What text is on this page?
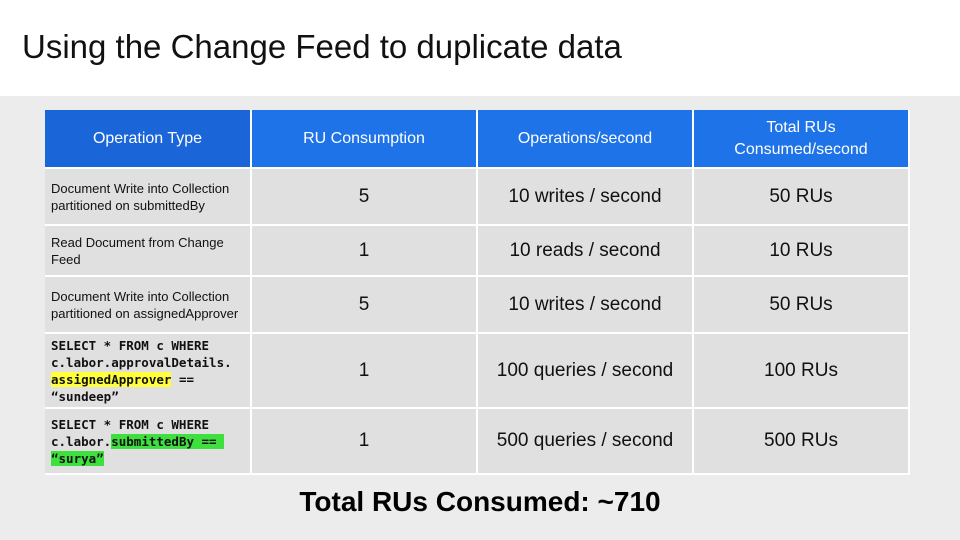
Using the Change Feed to duplicate data
Operation Type	RU Consumption	Operations/second	Total RUs Consumed/second

Document Write into Collection partitioned on submittedBy	5	10 writes / second	50 RUs
Read Document from Change Feed	1	10 reads / second	10 RUs
Document Write into Collection partitioned on assignedApprover	5	10 writes / second	50 RUs
SELECT * FROM c WHERE
c.labor.approvalDetails.
assignedApprover ==
“sundeep”	1	100 queries / second	100 RUs
SELECT * FROM c WHERE
c.labor.submittedBy ==
“surya”	1	500 queries / second	500 RUs
Total RUs Consumed: ~710
